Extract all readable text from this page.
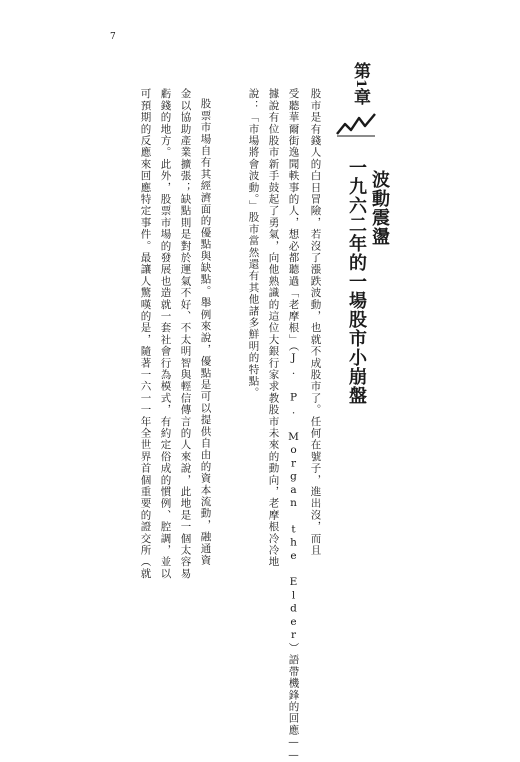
7
第1章
波動震盪
一九六二年的一場股市小崩盤
股市是有錢人的白日冒險，若沒了漲跌波動，也就不成股市了。任何在號子，進出沒，而且
受聽華爾街逸聞軼事的人，想必都聽過「老摩根」（J. P. Morgan the Elder）語帶機鋒的回應——
據說有位股市新手鼓起了勇氣，向他熟識的這位大銀行家求教股市未來的動向，老摩根冷冷地
說：「市場將會波動。」股市當然還有其他諸多鮮明的特點。
股票市場自有其經濟面的優點與缺點。舉例來說，優點是可以提供自由的資本流動，融通資
金以協助產業擴張；缺點則是對於運氣不好、不太明智與輕信傳言的人來說，此地是一個太容易
虧錢的地方。此外，股票市場的發展也造就一套社會行為模式，有約定俗成的慣例、腔調，並以
可預期的反應來回應特定事件。最讓人驚嘆的是，隨著一六一一年全世界首個重要的證交所（就
